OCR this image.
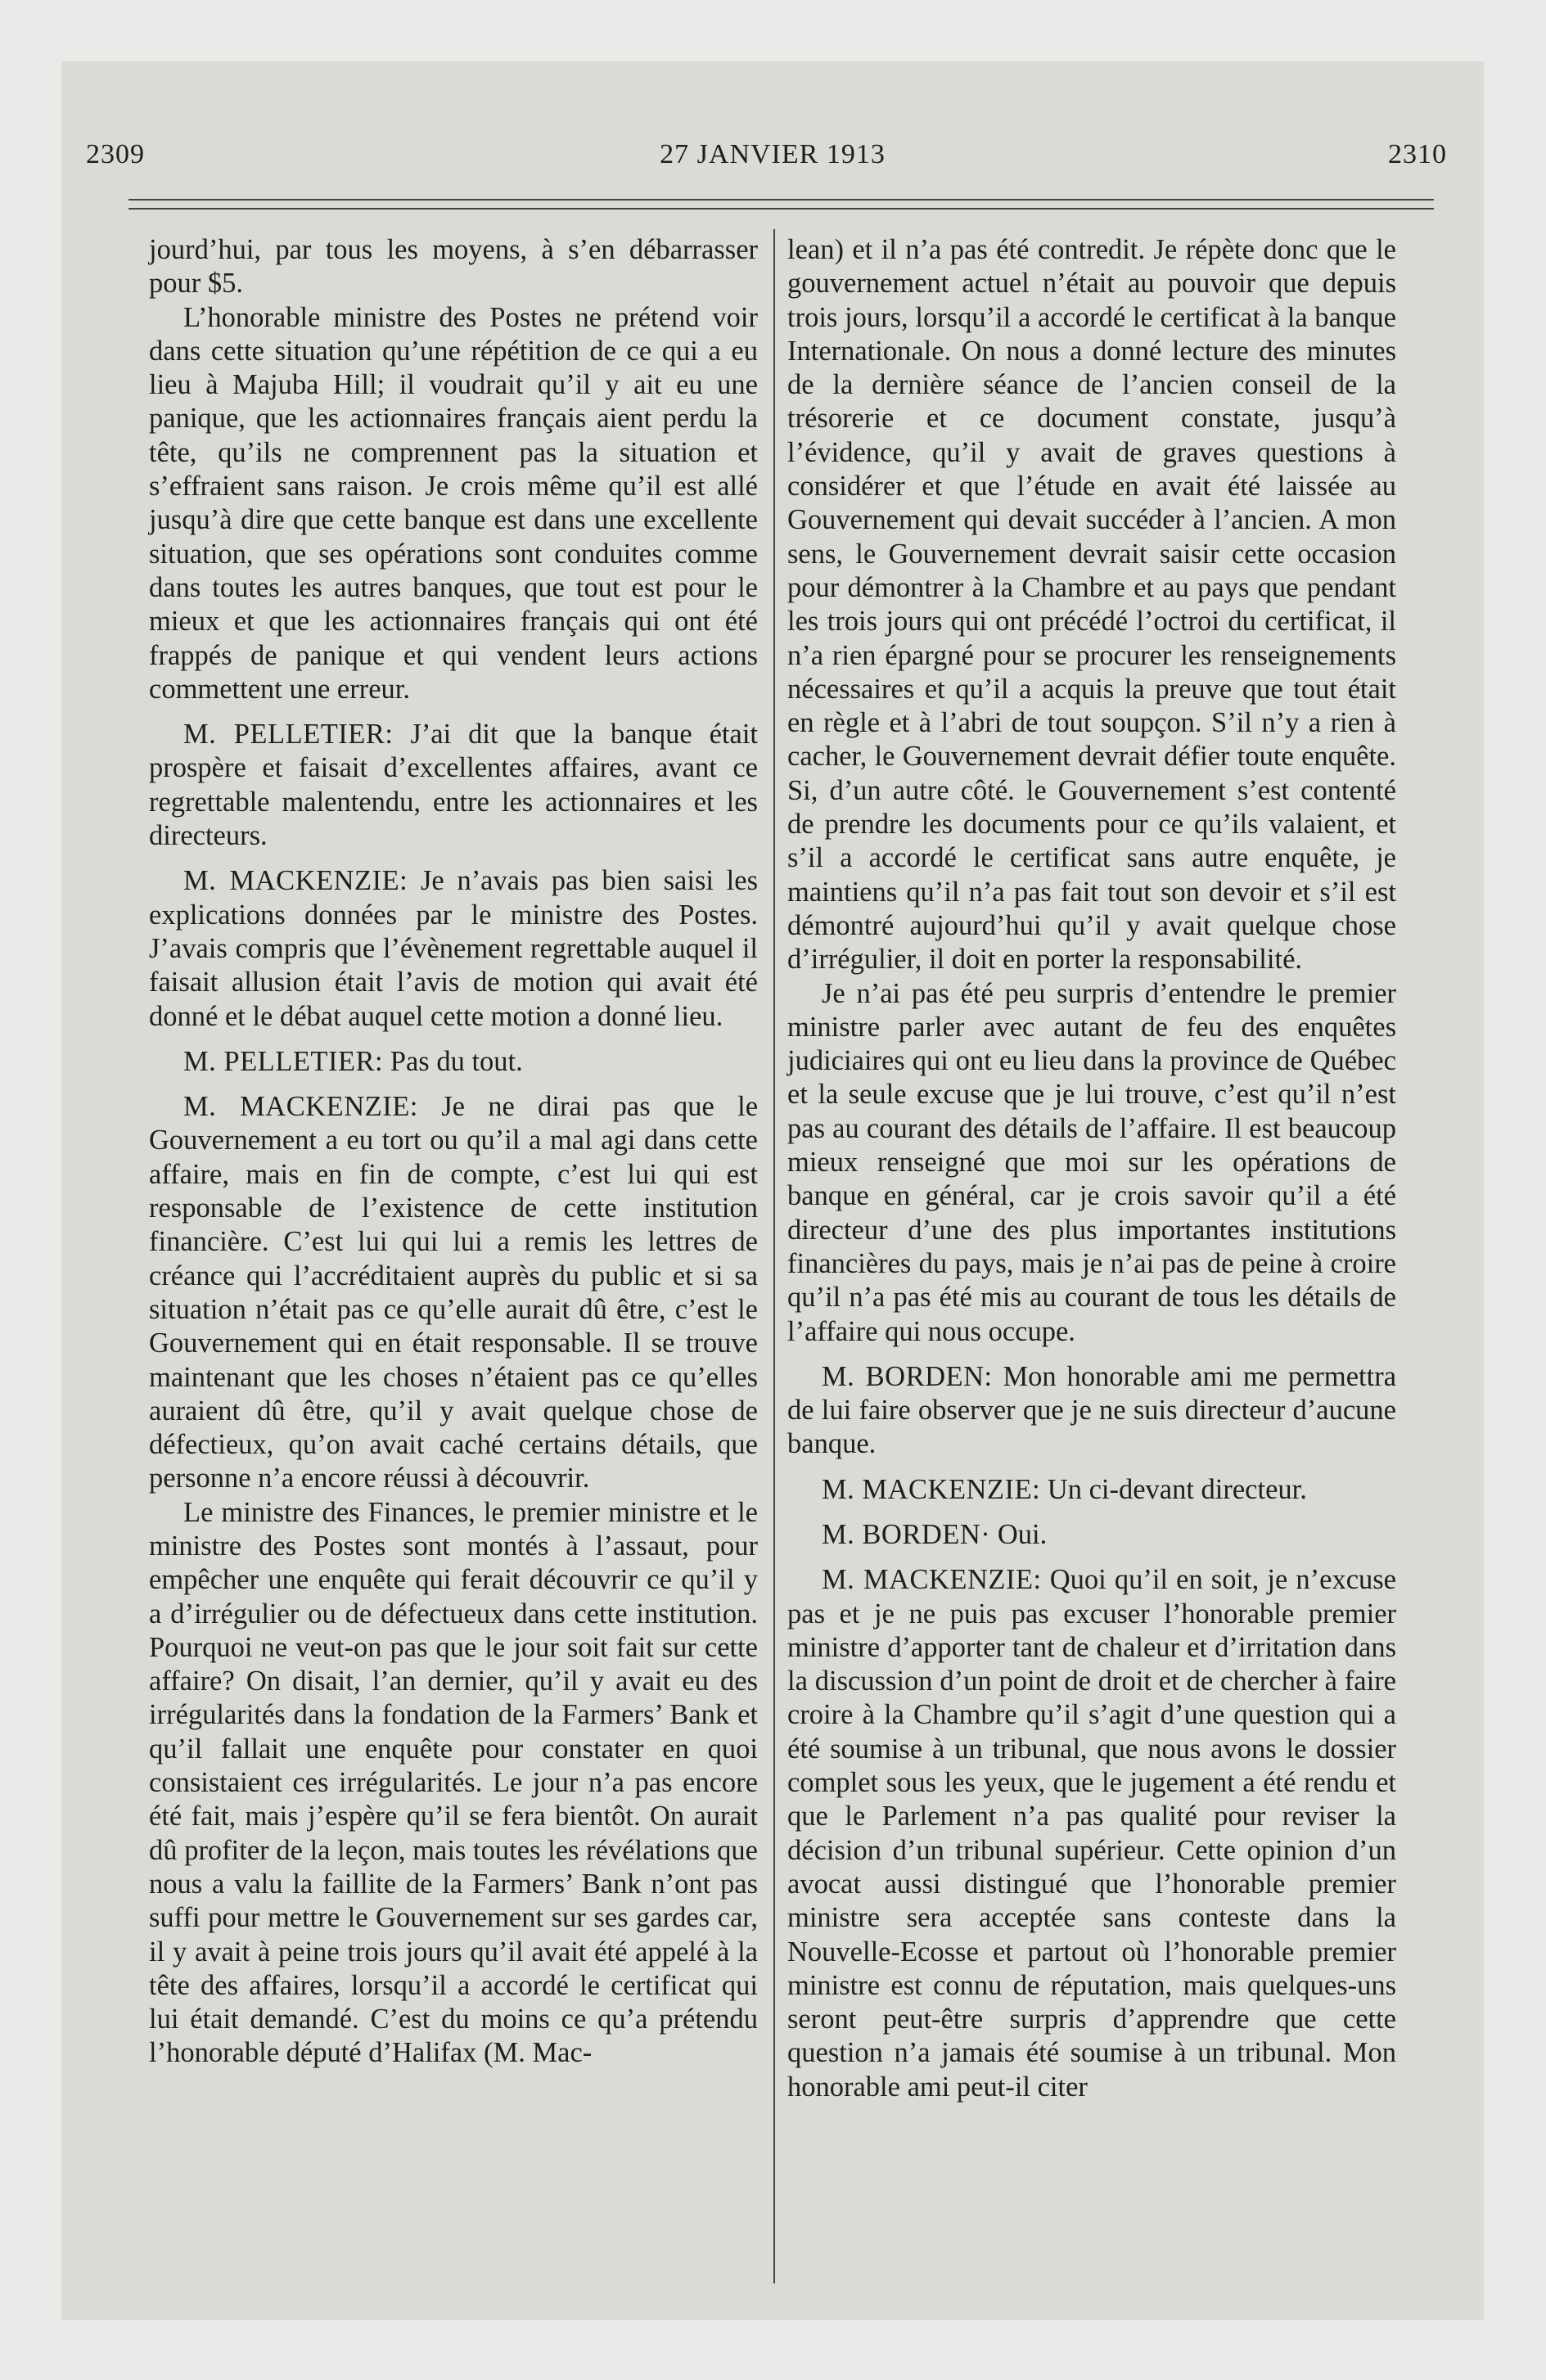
2309	27 JANVIER 1913	2310

jourd’hui, par tous les moyens, à s’en débarrasser pour $5.

L’honorable ministre des Postes ne prétend voir dans cette situation qu’une répétition de ce qui a eu lieu à Majuba Hill; il voudrait qu’il y ait eu une panique, que les actionnaires français aient perdu la tête, qu’ils ne comprennent pas la situation et s’effraient sans raison. Je crois même qu’il est allé jusqu’à dire que cette banque est dans une excellente situation, que ses opérations sont conduites comme dans toutes les autres banques, que tout est pour le mieux et que les actionnaires français qui ont été frappés de panique et qui vendent leurs actions commettent une erreur.

M. PELLETIER: J’ai dit que la banque était prospère et faisait d’excellentes affaires, avant ce regrettable malentendu, entre les actionnaires et les directeurs.

M. MACKENZIE: Je n’avais pas bien saisi les explications données par le ministre des Postes. J’avais compris que l’évènement regrettable auquel il faisait allusion était l’avis de motion qui avait été donné et le débat auquel cette motion a donné lieu.

M. PELLETIER: Pas du tout.

M. MACKENZIE: Je ne dirai pas que le Gouvernement a eu tort ou qu’il a mal agi dans cette affaire, mais en fin de compte, c’est lui qui est responsable de l’existence de cette institution financière. C’est lui qui lui a remis les lettres de créance qui l’accréditaient auprès du public et si sa situation n’était pas ce qu’elle aurait dû être, c’est le Gouvernement qui en était responsable. Il se trouve maintenant que les choses n’étaient pas ce qu’elles auraient dû être, qu’il y avait quelque chose de défectieux, qu’on avait caché certains détails, que personne n’a encore réussi à découvrir.

Le ministre des Finances, le premier ministre et le ministre des Postes sont montés à l’assaut, pour empêcher une enquête qui ferait découvrir ce qu’il y a d’irrégulier ou de défectueux dans cette institution. Pourquoi ne veut-on pas que le jour soit fait sur cette affaire? On disait, l’an dernier, qu’il y avait eu des irrégularités dans la fondation de la Farmers’ Bank et qu’il fallait une enquête pour constater en quoi consistaient ces irrégularités. Le jour n’a pas encore été fait, mais j’espère qu’il se fera bientôt. On aurait dû profiter de la leçon, mais toutes les révélations que nous a valu la faillite de la Farmers’ Bank n’ont pas suffi pour mettre le Gouvernement sur ses gardes car, il y avait à peine trois jours qu’il avait été appelé à la tête des affaires, lorsqu’il a accordé le certificat qui lui était demandé. C’est du moins ce qu’a prétendu l’honorable député d’Halifax (M. Mac-

lean) et il n’a pas été contredit. Je répète donc que le gouvernement actuel n’était au pouvoir que depuis trois jours, lorsqu’il a accordé le certificat à la banque Internationale. On nous a donné lecture des minutes de la dernière séance de l’ancien conseil de la trésorerie et ce document constate, jusqu’à l’évidence, qu’il y avait de graves questions à considérer et que l’étude en avait été laissée au Gouvernement qui devait succéder à l’ancien. A mon sens, le Gouvernement devrait saisir cette occasion pour démontrer à la Chambre et au pays que pendant les trois jours qui ont précédé l’octroi du certificat, il n’a rien épargné pour se procurer les renseignements nécessaires et qu’il a acquis la preuve que tout était en règle et à l’abri de tout soupçon. S’il n’y a rien à cacher, le Gouvernement devrait défier toute enquête. Si, d’un autre côté. le Gouvernement s’est contenté de prendre les documents pour ce qu’ils valaient, et s’il a accordé le certificat sans autre enquête, je maintiens qu’il n’a pas fait tout son devoir et s’il est démontré aujourd’hui qu’il y avait quelque chose d’irrégulier, il doit en porter la responsabilité.

Je n’ai pas été peu surpris d’entendre le premier ministre parler avec autant de feu des enquêtes judiciaires qui ont eu lieu dans la province de Québec et la seule excuse que je lui trouve, c’est qu’il n’est pas au courant des détails de l’affaire. Il est beaucoup mieux renseigné que moi sur les opérations de banque en général, car je crois savoir qu’il a été directeur d’une des plus importantes institutions financières du pays, mais je n’ai pas de peine à croire qu’il n’a pas été mis au courant de tous les détails de l’affaire qui nous occupe.

M. BORDEN: Mon honorable ami me permettra de lui faire observer que je ne suis directeur d’aucune banque.

M. MACKENZIE: Un ci-devant directeur.

M. BORDEN· Oui.

M. MACKENZIE: Quoi qu’il en soit, je n’excuse pas et je ne puis pas excuser l’honorable premier ministre d’apporter tant de chaleur et d’irritation dans la discussion d’un point de droit et de chercher à faire croire à la Chambre qu’il s’agit d’une question qui a été soumise à un tribunal, que nous avons le dossier complet sous les yeux, que le jugement a été rendu et que le Parlement n’a pas qualité pour reviser la décision d’un tribunal supérieur. Cette opinion d’un avocat aussi distingué que l’honorable premier ministre sera acceptée sans conteste dans la Nouvelle-Ecosse et partout où l’honorable premier ministre est connu de réputation, mais quelques-uns seront peut-être surpris d’apprendre que cette question n’a jamais été soumise à un tribunal. Mon honorable ami peut-il citer
